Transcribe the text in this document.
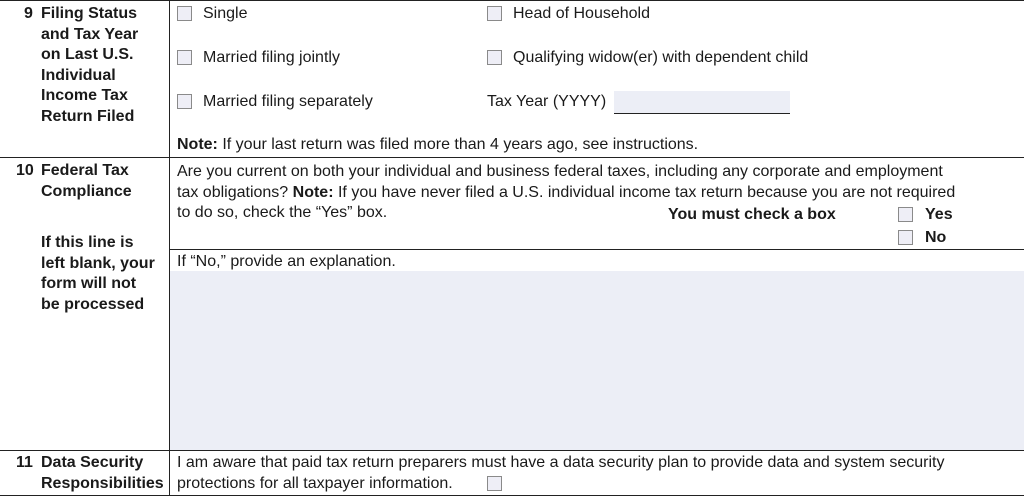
9 Filing Status
and Tax Year
on Last U.S.
Individual
Income Tax
Return Filed
Single	Head of Household
Married filing jointly	Qualifying widow(er) with dependent child
Married filing separately	Tax Year (YYYY)
Note: If your last return was filed more than 4 years ago, see instructions.
10 Federal Tax
Compliance
If this line is
left blank, your
form will not
be processed
Are you current on both your individual and business federal taxes, including any corporate and employment
tax obligations? Note: If you have never filed a U.S. individual income tax return because you are not required
to do so, check the “Yes” box.	You must check a box	Yes
No
If “No,” provide an explanation.
11 Data Security
Responsibilities
I am aware that paid tax return preparers must have a data security plan to provide data and system security
protections for all taxpayer information.
